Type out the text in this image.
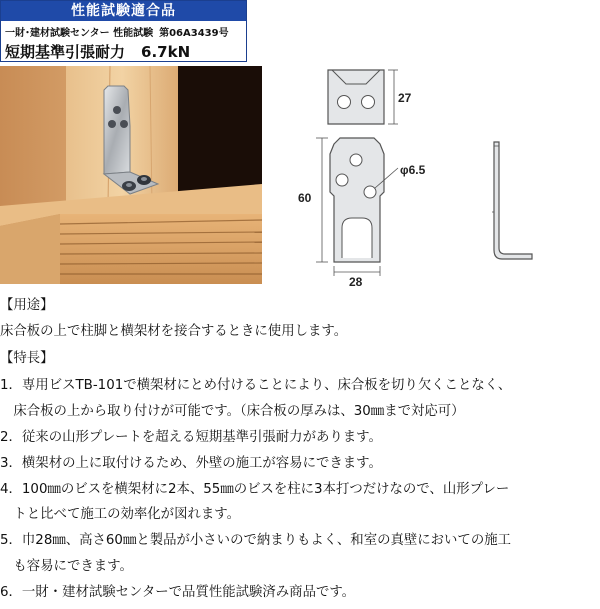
性能試験適合品
一財･建材試験センター 性能試験 第06A3439号
短期基準引張耐力 6.7kN
27
φ6.5
60
28
【用途】
床合板の上で柱脚と横架材を接合するときに使用します。
【特長】
1．専用ビスTB-101で横架材にとめ付けることにより、床合板を切り欠くことなく、
　床合板の上から取り付けが可能です。（床合板の厚みは、30㎜まで対応可）
2．従来の山形プレートを超える短期基準引張耐力があります。
3．横架材の上に取付けるため、外壁の施工が容易にできます。
4．100㎜のビスを横架材に2本、55㎜のビスを柱に3本打つだけなので、山形プレー
　トと比べて施工の効率化が図れます。
5．巾28㎜、高さ60㎜と製品が小さいので納まりもよく、和室の真壁においての施工
　も容易にできます。
6．一財・建材試験センターで品質性能試験済み商品です。
